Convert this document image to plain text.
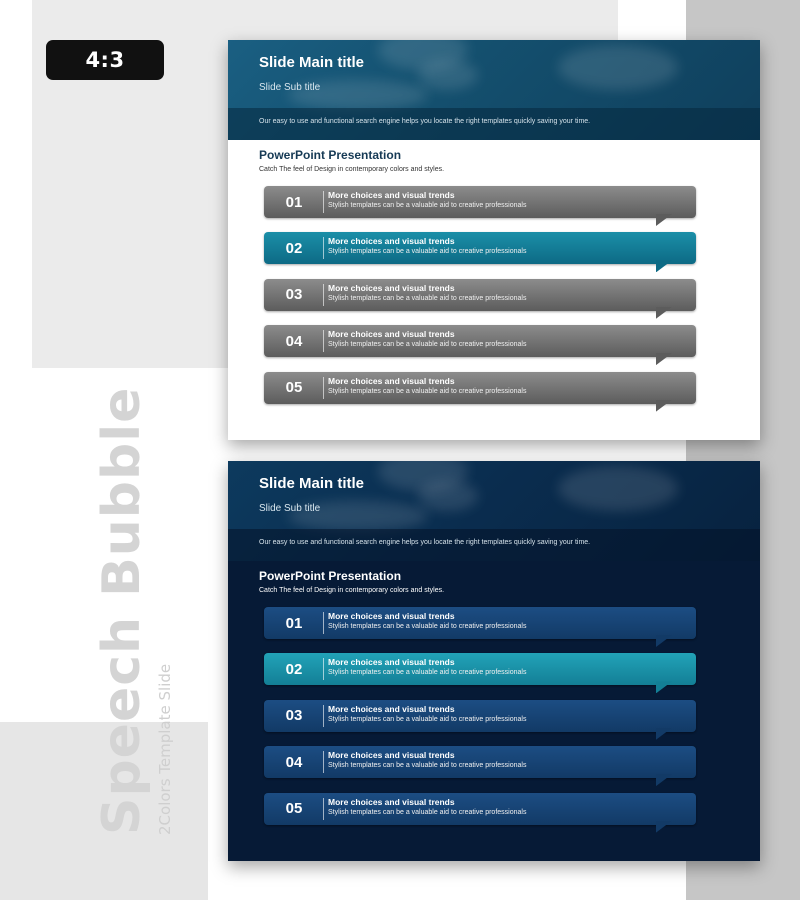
4:3
Speech Bubble 2Colors Template Slide
Slide Main title
Slide Sub title
Our easy to use and functional search engine helps you locate the right templates quickly saving your time.
PowerPoint Presentation
Catch The feel of Design in contemporary colors and styles.
01	More choices and visual trends
Stylish templates can be a valuable aid to creative professionals
02	More choices and visual trends
Stylish templates can be a valuable aid to creative professionals
03	More choices and visual trends
Stylish templates can be a valuable aid to creative professionals
04	More choices and visual trends
Stylish templates can be a valuable aid to creative professionals
05	More choices and visual trends
Stylish templates can be a valuable aid to creative professionals
Slide Main title
Slide Sub title
Our easy to use and functional search engine helps you locate the right templates quickly saving your time.
PowerPoint Presentation
Catch The feel of Design in contemporary colors and styles.
01	More choices and visual trends
Stylish templates can be a valuable aid to creative professionals
02	More choices and visual trends
Stylish templates can be a valuable aid to creative professionals
03	More choices and visual trends
Stylish templates can be a valuable aid to creative professionals
04	More choices and visual trends
Stylish templates can be a valuable aid to creative professionals
05	More choices and visual trends
Stylish templates can be a valuable aid to creative professionals
